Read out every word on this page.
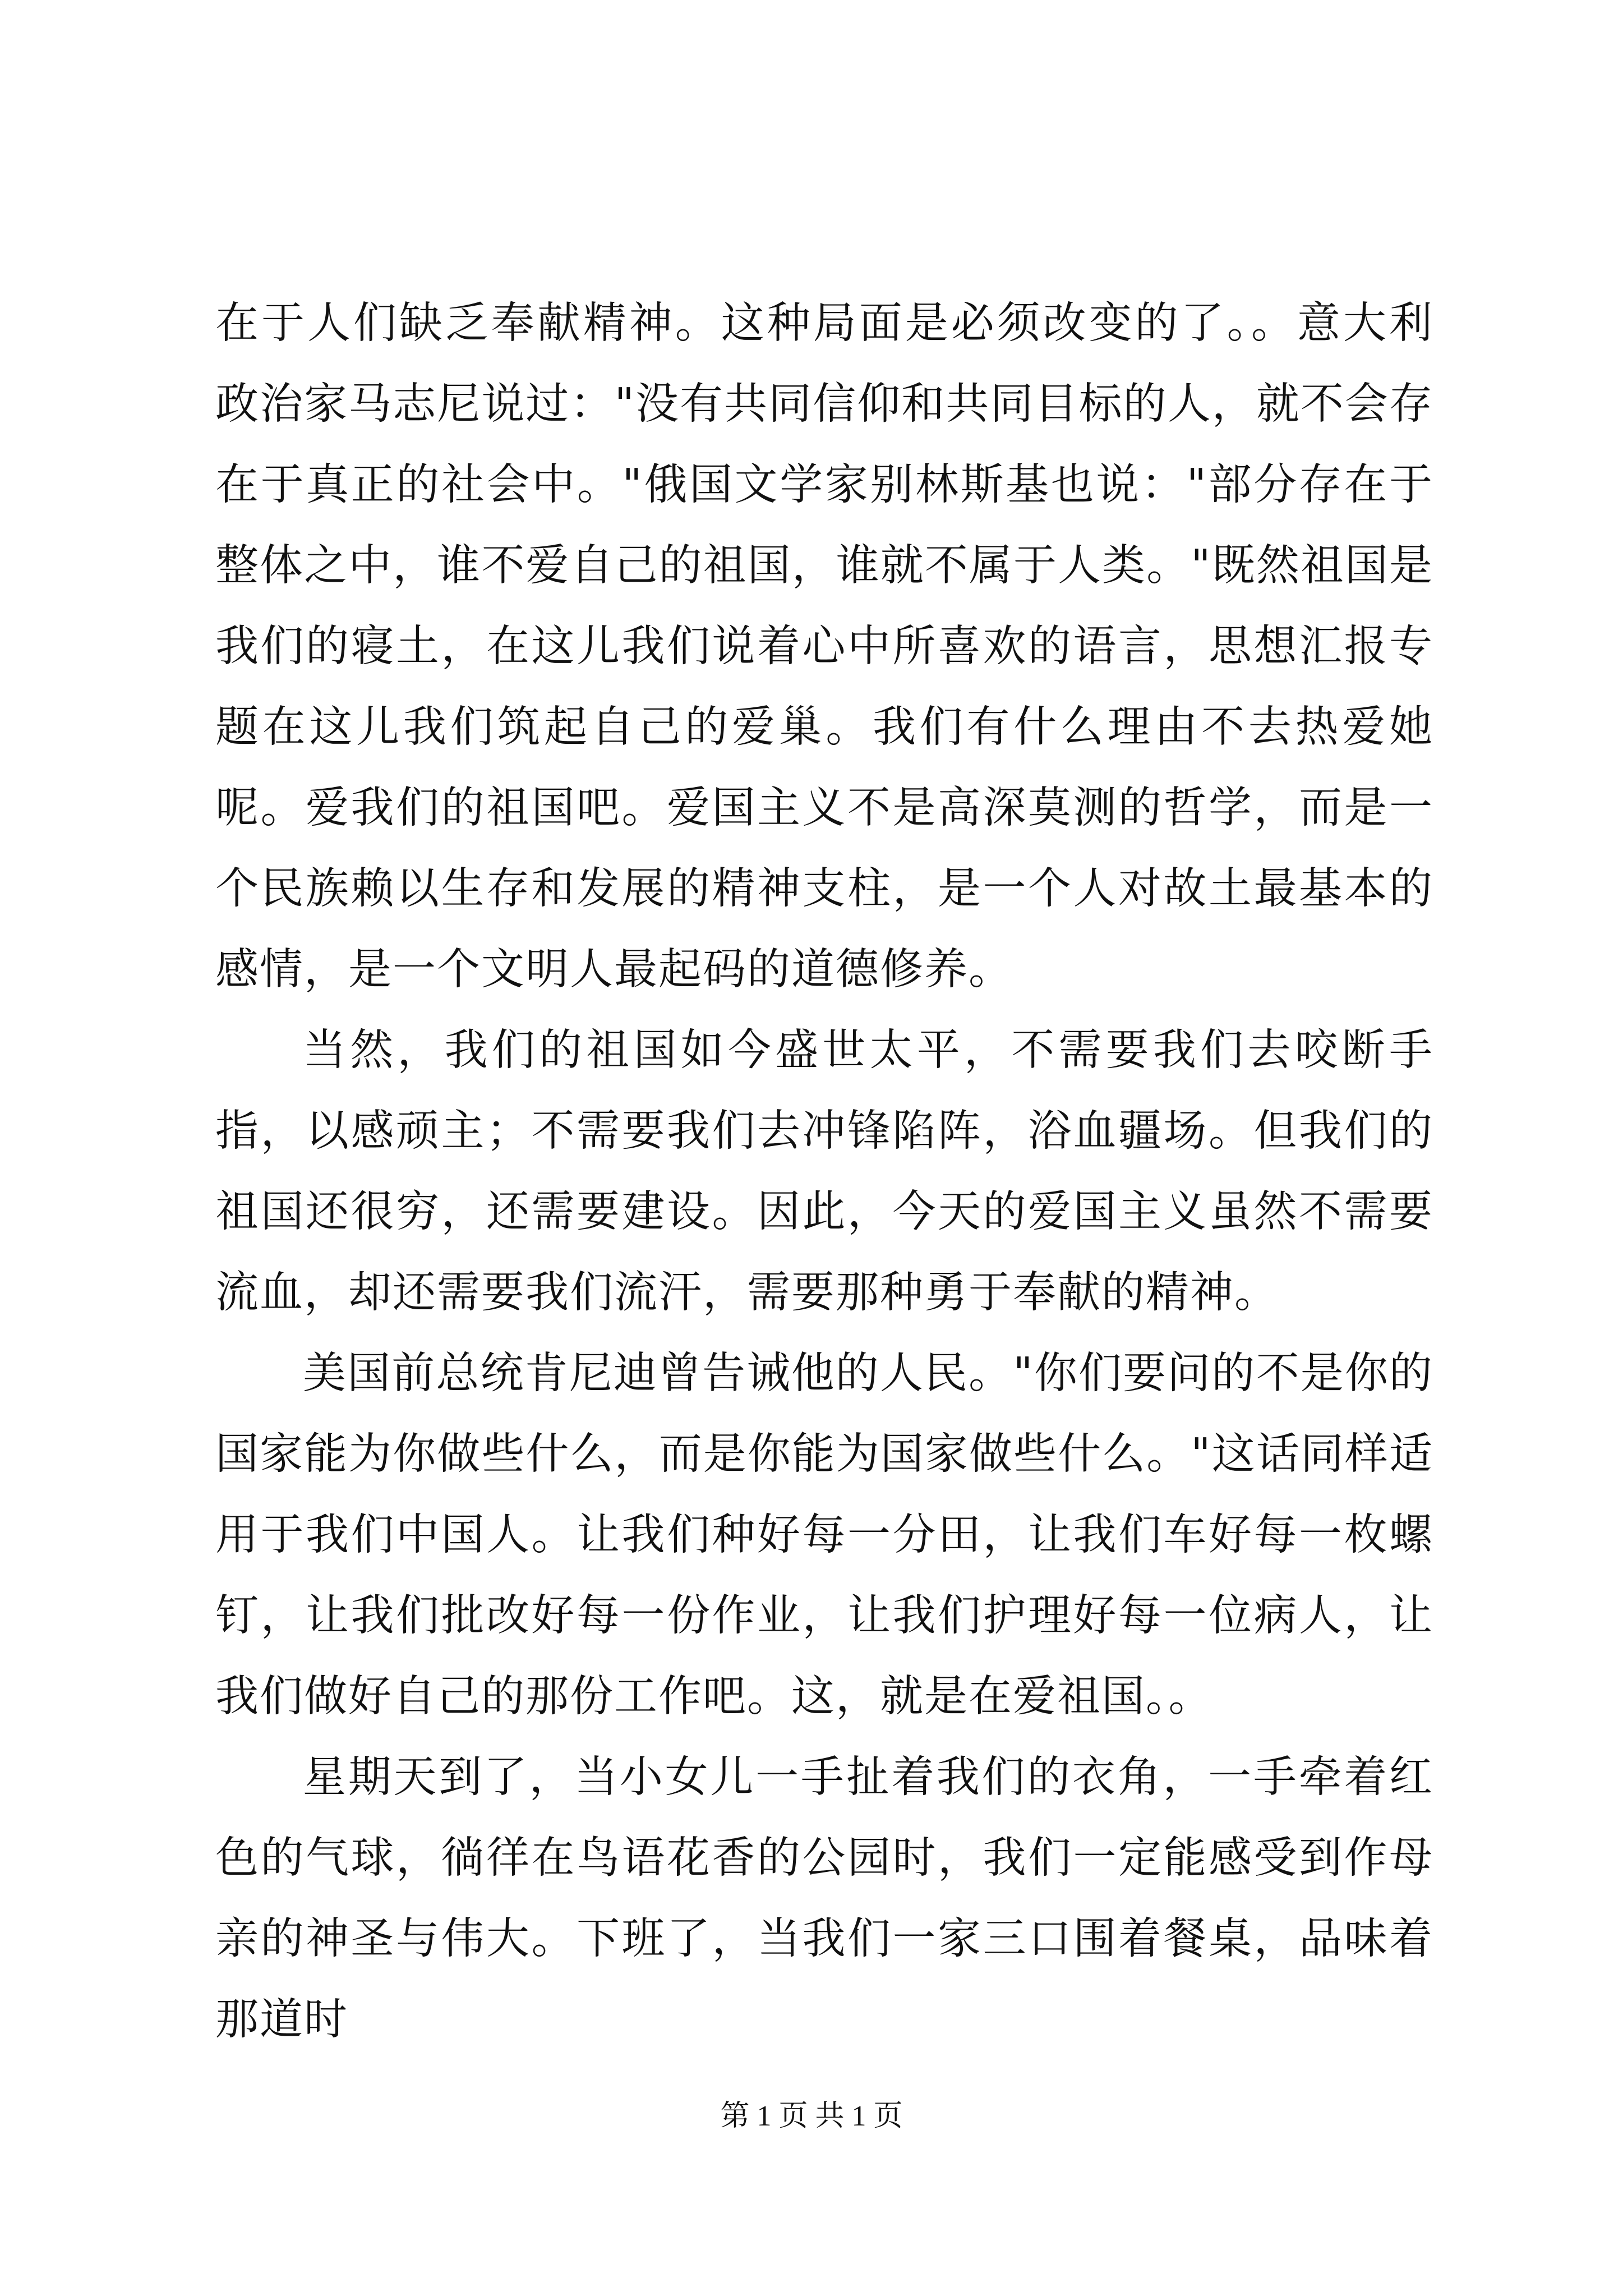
在于人们缺乏奉献精神。这种局面是必须改变的了。。意大利政治家马志尼说过："没有共同信仰和共同目标的人，就不会存在于真正的社会中。"俄国文学家别林斯基也说："部分存在于整体之中，谁不爱自己的祖国，谁就不属于人类。"既然祖国是我们的寝土，在这儿我们说着心中所喜欢的语言，思想汇报专题在这儿我们筑起自己的爱巢。我们有什么理由不去热爱她呢。爱我们的祖国吧。爱国主义不是高深莫测的哲学，而是一个民族赖以生存和发展的精神支柱，是一个人对故土最基本的感情，是一个文明人最起码的道德修养。

当然，我们的祖国如今盛世太平，不需要我们去咬断手指，以感顽主；不需要我们去冲锋陷阵，浴血疆场。但我们的祖国还很穷，还需要建设。因此，今天的爱国主义虽然不需要流血，却还需要我们流汗，需要那种勇于奉献的精神。

美国前总统肯尼迪曾告诫他的人民。"你们要问的不是你的国家能为你做些什么，而是你能为国家做些什么。"这话同样适用于我们中国人。让我们种好每一分田，让我们车好每一枚螺钉，让我们批改好每一份作业，让我们护理好每一位病人，让我们做好自己的那份工作吧。这，就是在爱祖国。。

星期天到了，当小女儿一手扯着我们的衣角，一手牵着红色的气球，徜徉在鸟语花香的公园时，我们一定能感受到作母亲的神圣与伟大。下班了，当我们一家三口围着餐桌，品味着那道时

第 1 页 共 1 页
